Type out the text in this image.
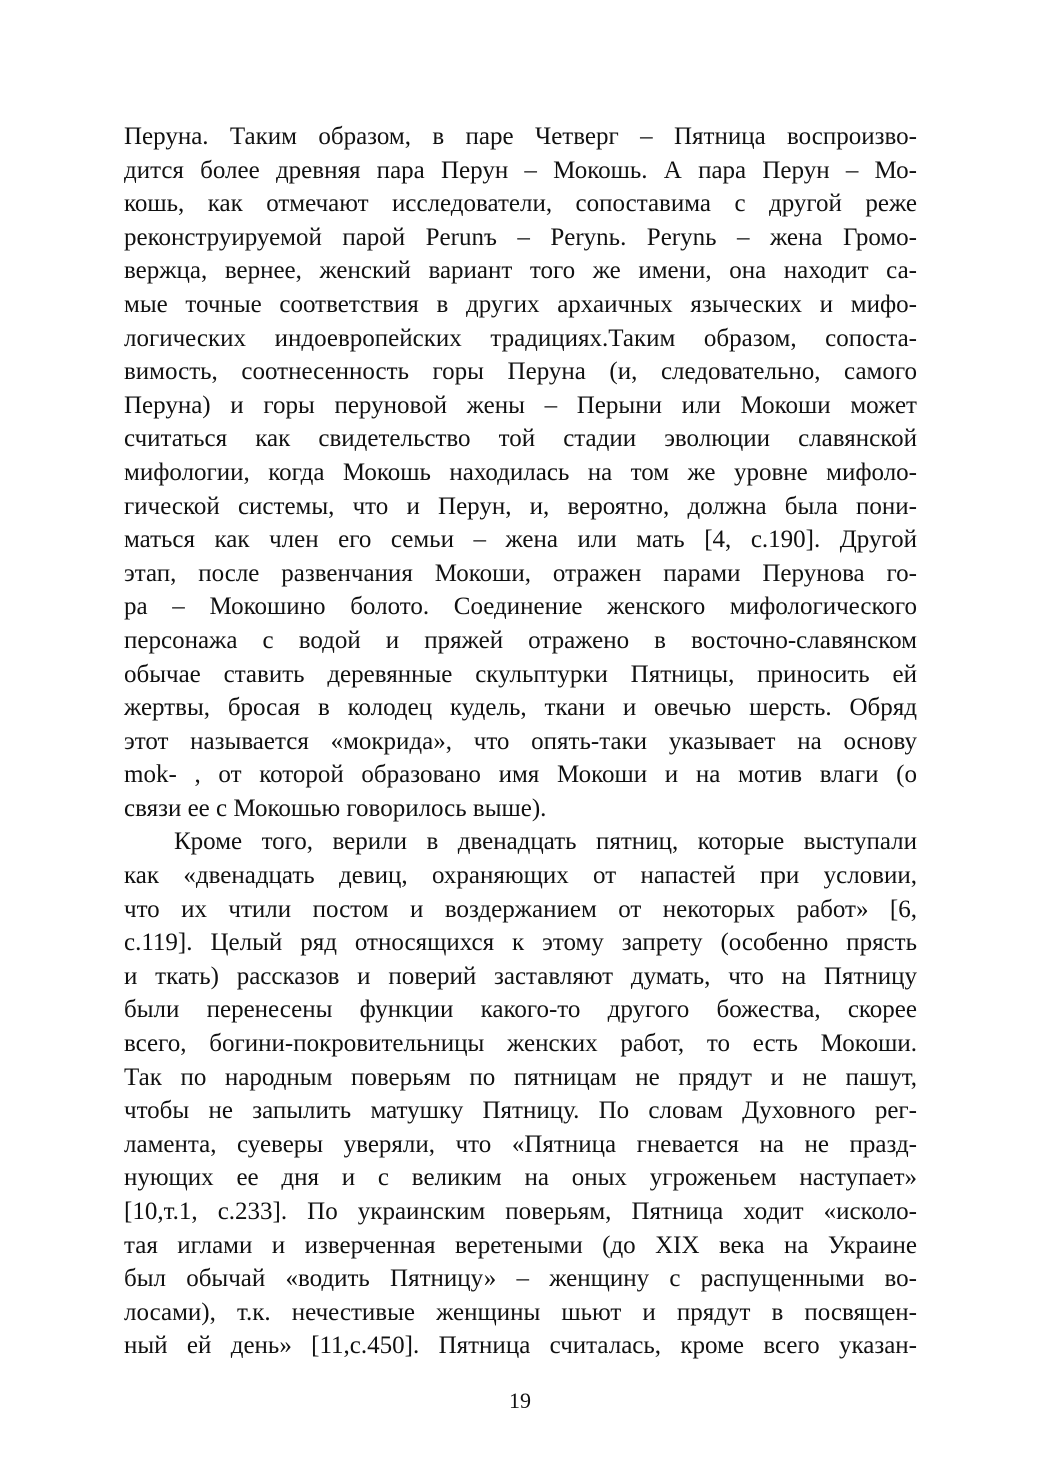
Перуна. Таким образом, в паре Четверг – Пятница воспроизво-
дится более древняя пара Перун – Мокошь. А пара Перун – Мо-
кошь, как отмечают исследователи, сопоставима с другой реже
реконструируемой парой Perunъ – Perуnь. Perуnь – жена Громо-
вержца, вернее, женский вариант того же имени, она находит са-
мые точные соответствия в других архаичных языческих и мифо-
логических индоевропейских традициях.Таким образом, сопоста-
вимость, соотнесенность горы Перуна (и, следовательно, самого
Перуна) и горы перуновой жены – Перыни или Мокоши может
считаться как свидетельство той стадии эволюции славянской
мифологии, когда Мокошь находилась на том же уровне мифоло-
гической системы, что и Перун, и, вероятно, должна была пони-
маться как член его семьи – жена или мать [4, с.190]. Другой
этап, после развенчания Мокоши, отражен парами Перунова го-
ра – Мокошино болото. Соединение женского мифологического
персонажа с водой и пряжей отражено в восточно-славянском
обычае ставить деревянные скульптурки Пятницы, приносить ей
жертвы, бросая в колодец кудель, ткани и овечью шерсть. Обряд
этот называется «мокрида», что опять-таки указывает на основу
mok- , от которой образовано имя Мокоши и на мотив влаги (о
связи ее с Мокошью говорилось выше).
Кроме того, верили в двенадцать пятниц, которые выступали
как «двенадцать девиц, охраняющих от напастей при условии,
что их чтили постом и воздержанием от некоторых работ» [6,
с.119]. Целый ряд относящихся к этому запрету (особенно прясть
и ткать) рассказов и поверий заставляют думать, что на Пятницу
были перенесены функции какого-то другого божества, скорее
всего, богини-покровительницы женских работ, то есть Мокоши.
Так по народным поверьям по пятницам не прядут и не пашут,
чтобы не запылить матушку Пятницу. По словам Духовного рег-
ламента, суеверы уверяли, что «Пятница гневается на не празд-
нующих ее дня и с великим на оных угроженьем наступает»
[10,т.1, с.233]. По украинским поверьям, Пятница ходит «исколо-
тая иглами и изверченная веретеными (до XIX века на Украине
был обычай «водить Пятницу» – женщину с распущенными во-
лосами), т.к. нечестивые женщины шьют и прядут в посвящен-
ный ей день» [11,с.450]. Пятница считалась, кроме всего указан-
19
